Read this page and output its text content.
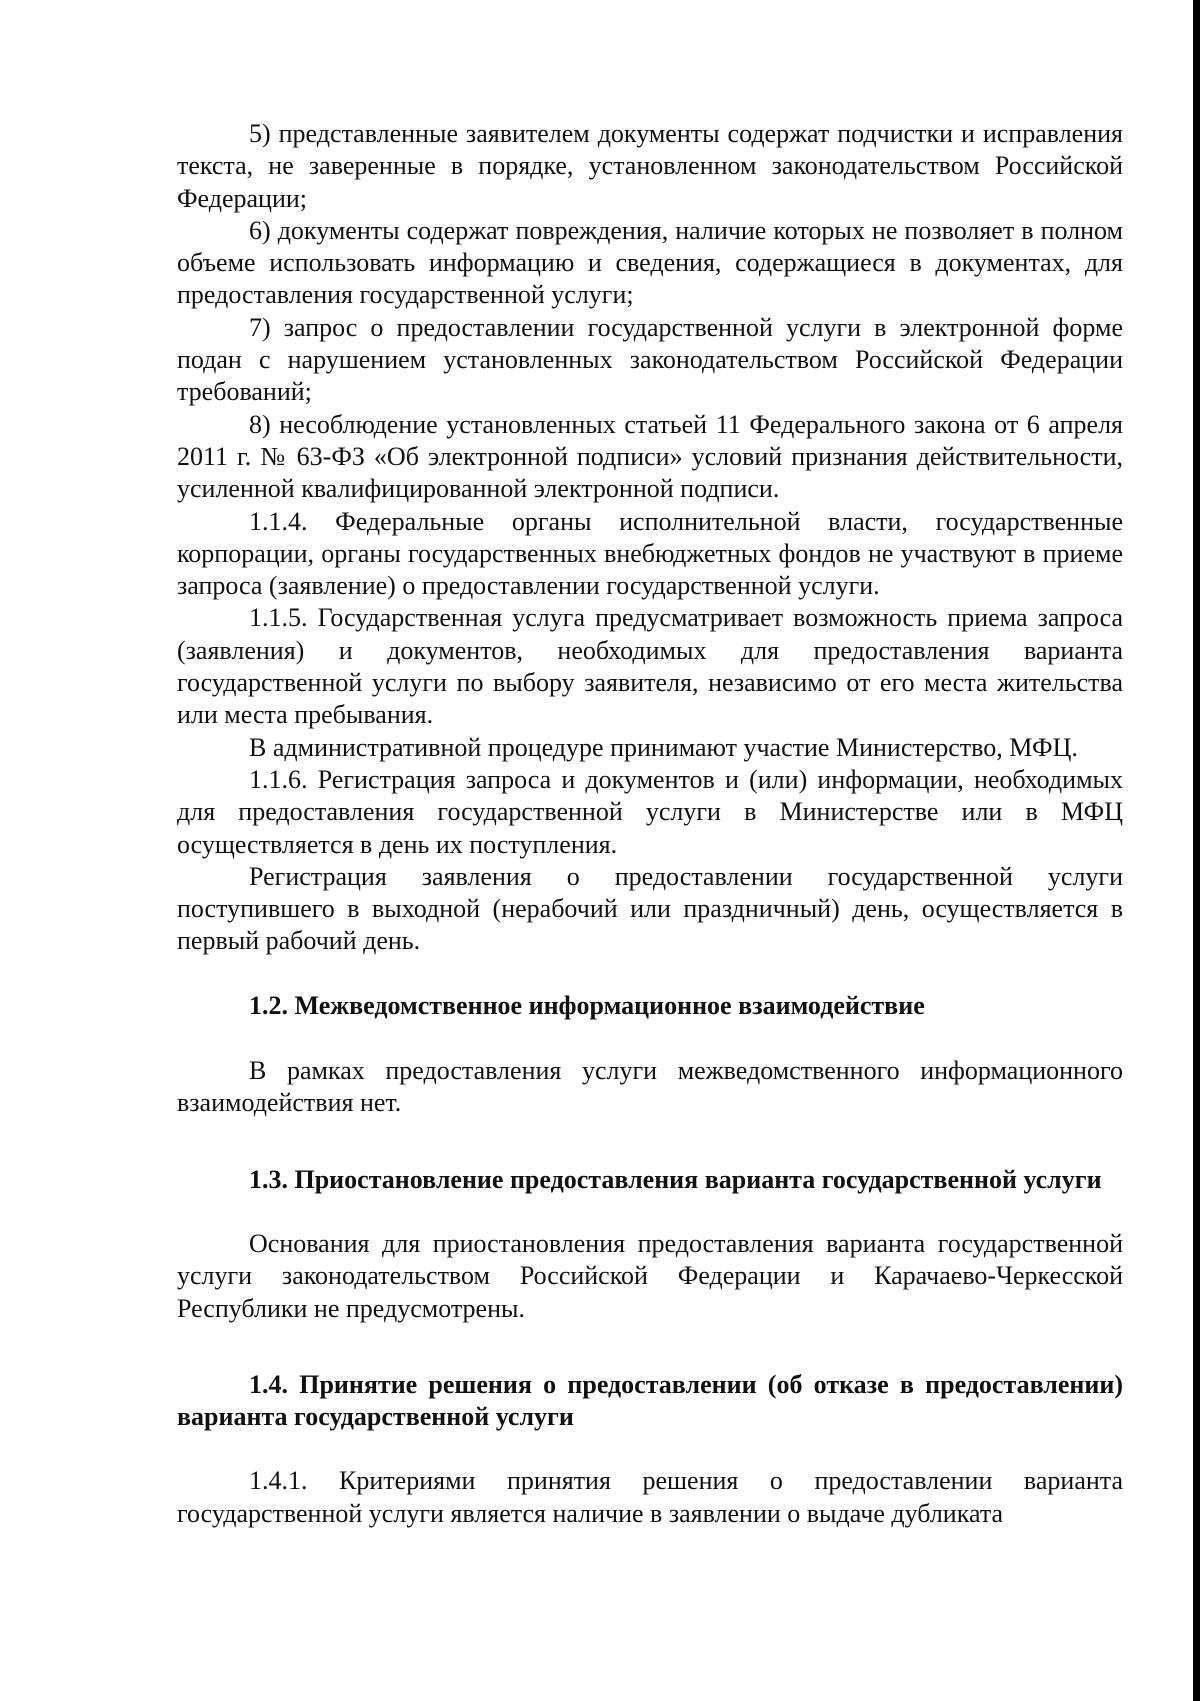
5) представленные заявителем документы содержат подчистки и исправления текста, не заверенные в порядке, установленном законодательством Российской Федерации;

6) документы содержат повреждения, наличие которых не позволяет в полном объеме использовать информацию и сведения, содержащиеся в документах, для предоставления государственной услуги;

7) запрос о предоставлении государственной услуги в электронной форме подан с нарушением установленных законодательством Российской Федерации требований;

8) несоблюдение установленных статьей 11 Федерального закона от 6 апреля 2011 г. № 63-ФЗ «Об электронной подписи» условий признания действительности, усиленной квалифицированной электронной подписи.

1.1.4. Федеральные органы исполнительной власти, государственные корпорации, органы государственных внебюджетных фондов не участвуют в приеме запроса (заявление) о предоставлении государственной услуги.

1.1.5. Государственная услуга предусматривает возможность приема запроса (заявления) и документов, необходимых для предоставления варианта государственной услуги по выбору заявителя, независимо от его места жительства или места пребывания.

В административной процедуре принимают участие Министерство, МФЦ.

1.1.6. Регистрация запроса и документов и (или) информации, необходимых для предоставления государственной услуги в Министерстве или в МФЦ осуществляется в день их поступления.

Регистрация заявления о предоставлении государственной услуги поступившего в выходной (нерабочий или праздничный) день, осуществляется в первый рабочий день.

1.2. Межведомственное информационное взаимодействие

В рамках предоставления услуги межведомственного информационного взаимодействия нет.

1.3. Приостановление предоставления варианта государственной услуги

Основания для приостановления предоставления варианта государственной услуги законодательством Российской Федерации и Карачаево-Черкесской Республики не предусмотрены.

1.4. Принятие решения о предоставлении (об отказе в предоставлении) варианта государственной услуги

1.4.1. Критериями принятия решения о предоставлении варианта государственной услуги является наличие в заявлении о выдаче дубликата
